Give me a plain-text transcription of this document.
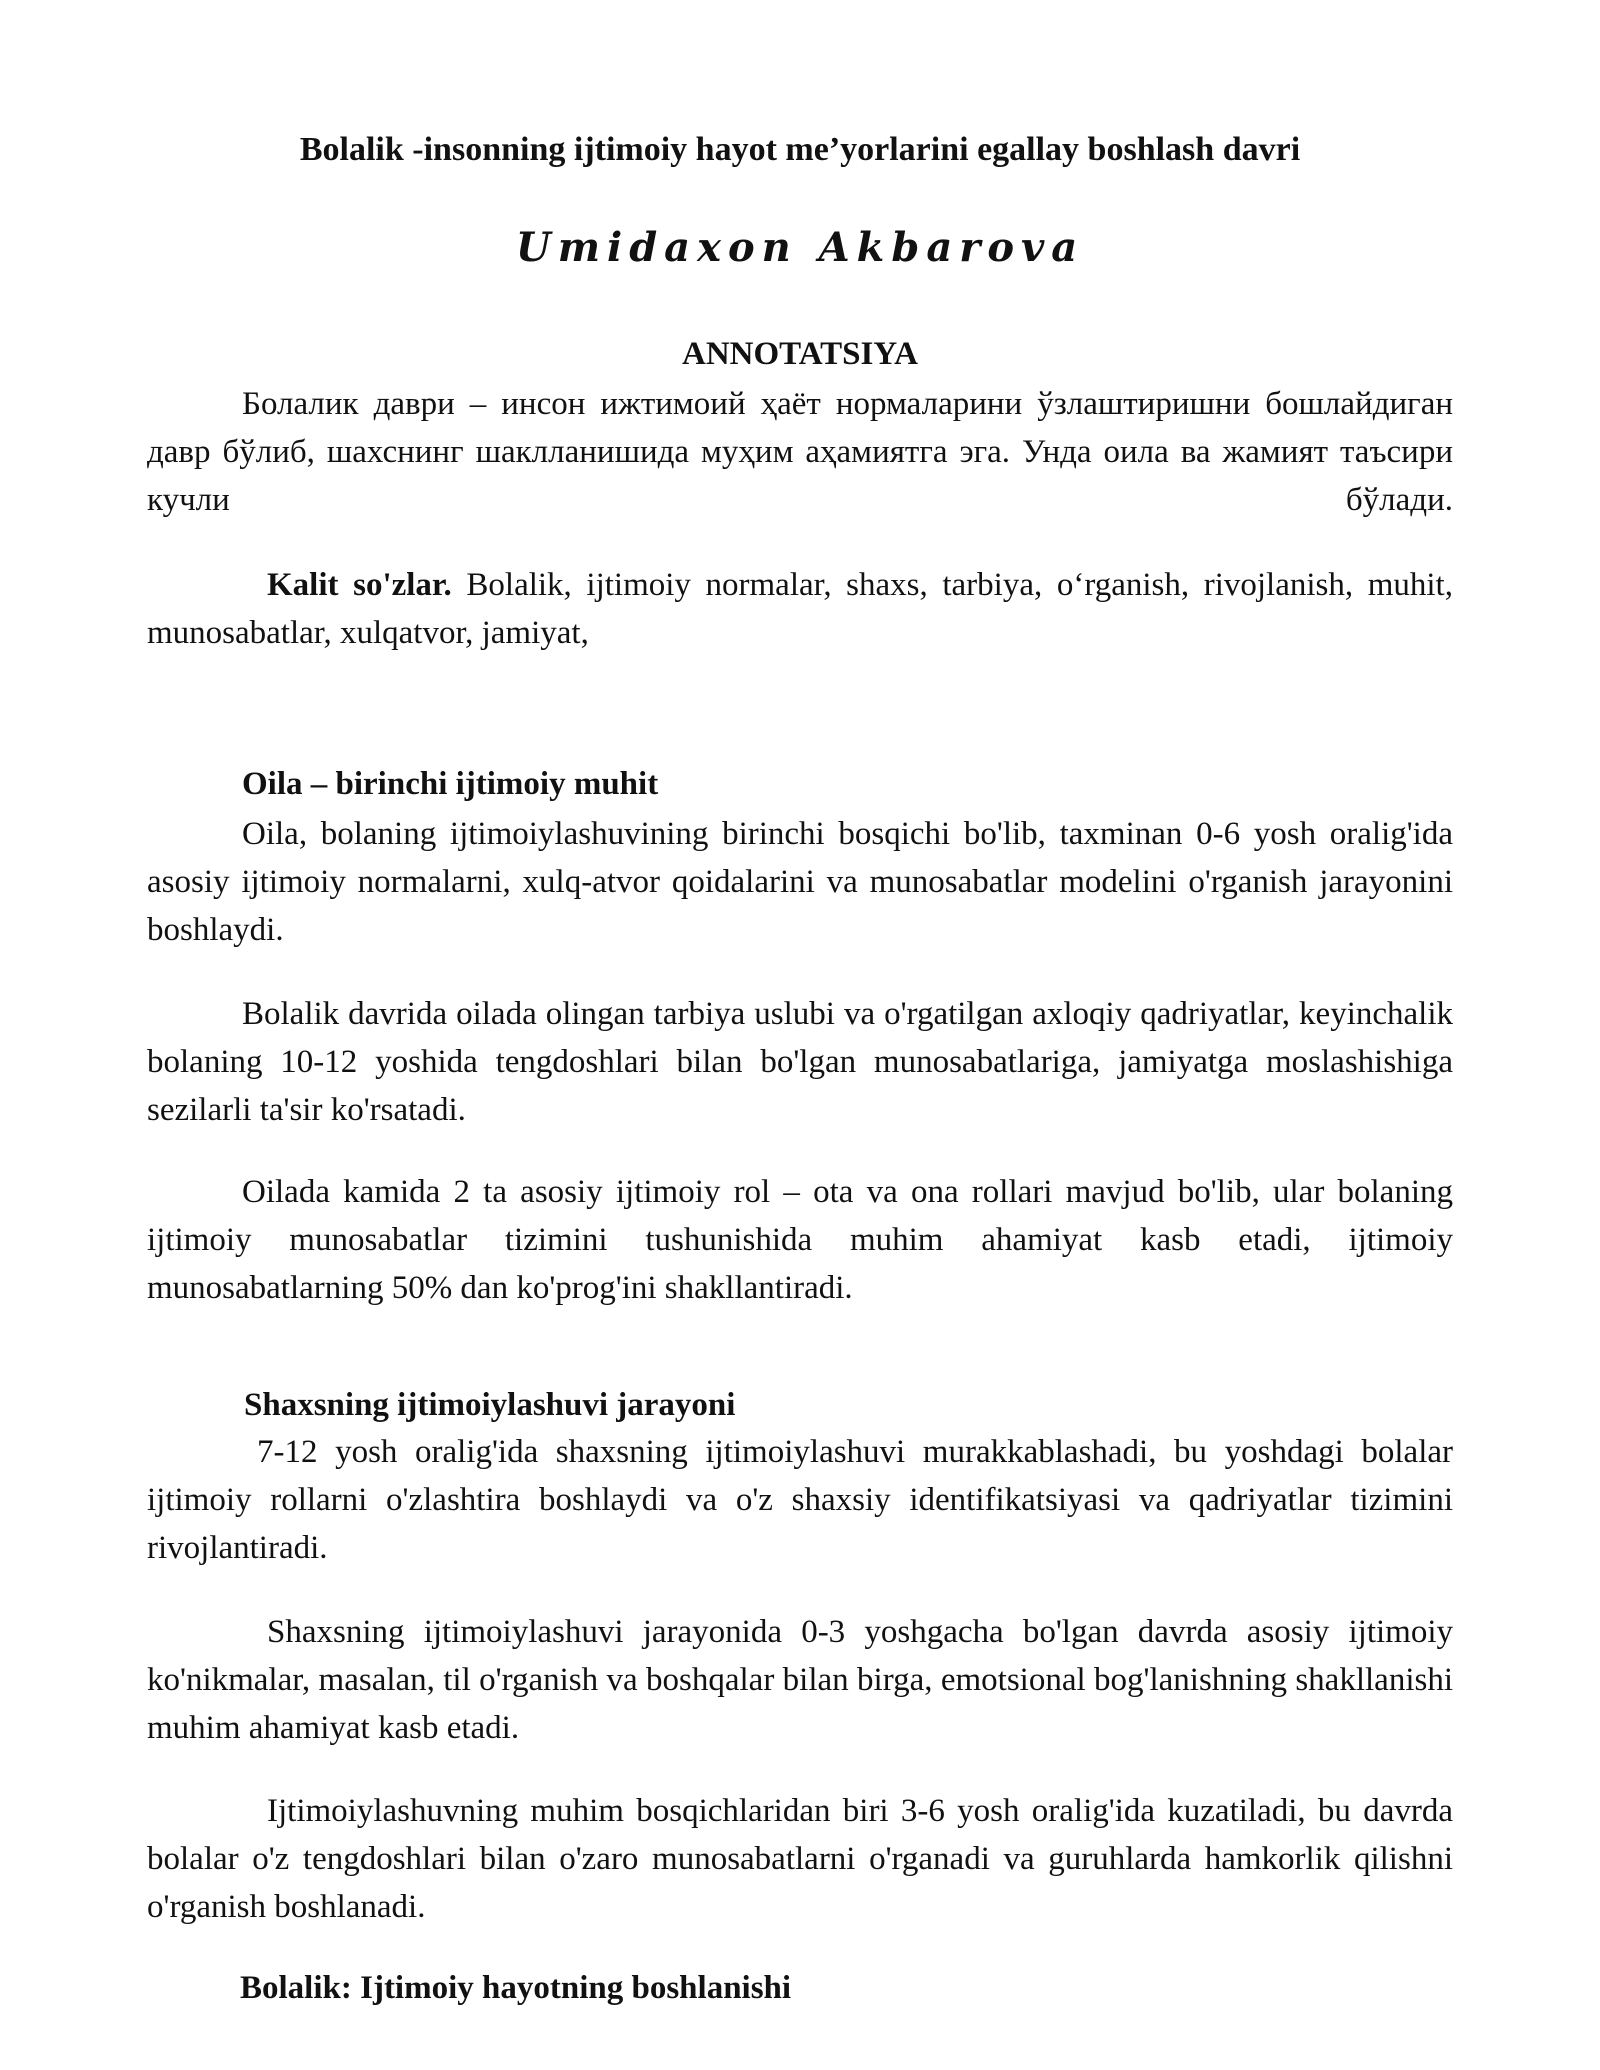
Bolalik -insonning ijtimoiy hayot me’yorlarini egallay boshlash davri
Umidaxon Akbarova
ANNOTATSIYA

Болалик даври – инсон ижтимоий ҳаёт нормаларини ўзлаштиришни бошлайдиган давр бўлиб, шахснинг шаклланишида муҳим аҳамиятга эга. Унда оила ва жамият таъсири кучли бўлади.

Kalit so'zlar. Bolalik, ijtimoiy normalar, shaxs, tarbiya, o‘rganish, rivojlanish, muhit, munosabatlar, xulqatvor, jamiyat,

Oila – birinchi ijtimoiy muhit

Oila, bolaning ijtimoiylashuvining birinchi bosqichi bo'lib, taxminan 0-6 yosh oralig'ida asosiy ijtimoiy normalarni, xulq-atvor qoidalarini va munosabatlar modelini o'rganish jarayonini boshlaydi.

Bolalik davrida oilada olingan tarbiya uslubi va o'rgatilgan axloqiy qadriyatlar, keyinchalik bolaning 10-12 yoshida tengdoshlari bilan bo'lgan munosabatlariga, jamiyatga moslashishiga sezilarli ta'sir ko'rsatadi.

Oilada kamida 2 ta asosiy ijtimoiy rol – ota va ona rollari mavjud bo'lib, ular bolaning ijtimoiy munosabatlar tizimini tushunishida muhim ahamiyat kasb etadi, ijtimoiy munosabatlarning 50% dan ko'prog'ini shakllantiradi.

Shaxsning ijtimoiylashuvi jarayoni

7-12 yosh oralig'ida shaxsning ijtimoiylashuvi murakkablashadi, bu yoshdagi bolalar ijtimoiy rollarni o'zlashtira boshlaydi va o'z shaxsiy identifikatsiyasi va qadriyatlar tizimini rivojlantiradi.

Shaxsning ijtimoiylashuvi jarayonida 0-3 yoshgacha bo'lgan davrda asosiy ijtimoiy ko'nikmalar, masalan, til o'rganish va boshqalar bilan birga, emotsional bog'lanishning shakllanishi muhim ahamiyat kasb etadi.

Ijtimoiylashuvning muhim bosqichlaridan biri 3-6 yosh oralig'ida kuzatiladi, bu davrda bolalar o'z tengdoshlari bilan o'zaro munosabatlarni o'rganadi va guruhlarda hamkorlik qilishni o'rganish boshlanadi.

Bolalik: Ijtimoiy hayotning boshlanishi
